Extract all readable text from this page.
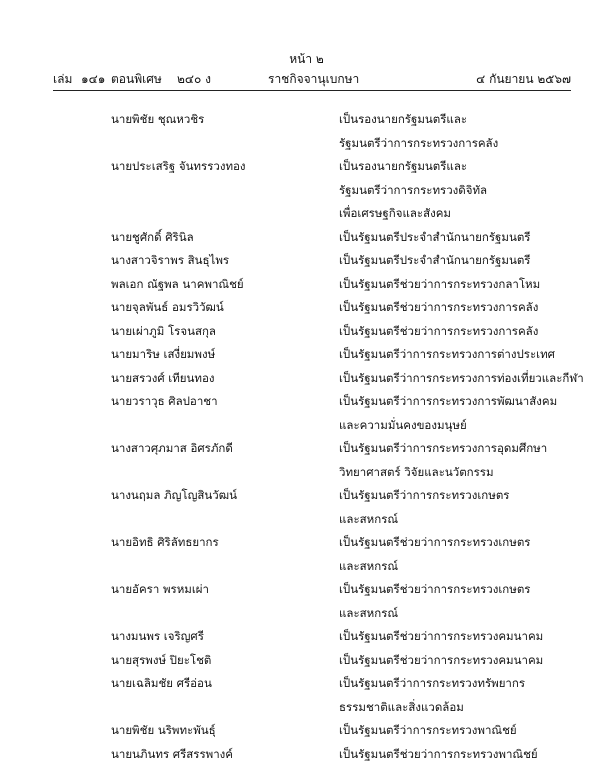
หน้า ๒
เล่ม ๑๔๑ ตอนพิเศษ ๒๔๐ ง	ราชกิจจานุเบกษา	๔ กันยายน ๒๕๖๗
นายพิชัย ชุณหวชิร	เป็นรองนายกรัฐมนตรีและ
รัฐมนตรีว่าการกระทรวงการคลัง
นายประเสริฐ จันทรรวงทอง	เป็นรองนายกรัฐมนตรีและ
รัฐมนตรีว่าการกระทรวงดิจิทัล
เพื่อเศรษฐกิจและสังคม
นายชูศักดิ์ ศิรินิล	เป็นรัฐมนตรีประจำสำนักนายกรัฐมนตรี
นางสาวจิราพร สินธุไพร	เป็นรัฐมนตรีประจำสำนักนายกรัฐมนตรี
พลเอก ณัฐพล นาคพาณิชย์	เป็นรัฐมนตรีช่วยว่าการกระทรวงกลาโหม
นายจุลพันธ์ อมรวิวัฒน์	เป็นรัฐมนตรีช่วยว่าการกระทรวงการคลัง
นายเผ่าภูมิ โรจนสกุล	เป็นรัฐมนตรีช่วยว่าการกระทรวงการคลัง
นายมาริษ เสงี่ยมพงษ์	เป็นรัฐมนตรีว่าการกระทรวงการต่างประเทศ
นายสรวงศ์ เทียนทอง	เป็นรัฐมนตรีว่าการกระทรวงการท่องเที่ยวและกีฬา
นายวราวุธ ศิลปอาชา	เป็นรัฐมนตรีว่าการกระทรวงการพัฒนาสังคม
และความมั่นคงของมนุษย์
นางสาวศุภมาส อิศรภักดี	เป็นรัฐมนตรีว่าการกระทรวงการอุดมศึกษา
วิทยาศาสตร์ วิจัยและนวัตกรรม
นางนฤมล ภิญโญสินวัฒน์	เป็นรัฐมนตรีว่าการกระทรวงเกษตร
และสหกรณ์
นายอิทธิ ศิริลัทธยากร	เป็นรัฐมนตรีช่วยว่าการกระทรวงเกษตร
และสหกรณ์
นายอัครา พรหมเผ่า	เป็นรัฐมนตรีช่วยว่าการกระทรวงเกษตร
และสหกรณ์
นางมนพร เจริญศรี	เป็นรัฐมนตรีช่วยว่าการกระทรวงคมนาคม
นายสุรพงษ์ ปิยะโชติ	เป็นรัฐมนตรีช่วยว่าการกระทรวงคมนาคม
นายเฉลิมชัย ศรีอ่อน	เป็นรัฐมนตรีว่าการกระทรวงทรัพยากร
ธรรมชาติและสิ่งแวดล้อม
นายพิชัย นริพทะพันธุ์	เป็นรัฐมนตรีว่าการกระทรวงพาณิชย์
นายนภินทร ศรีสรรพางค์	เป็นรัฐมนตรีช่วยว่าการกระทรวงพาณิชย์
